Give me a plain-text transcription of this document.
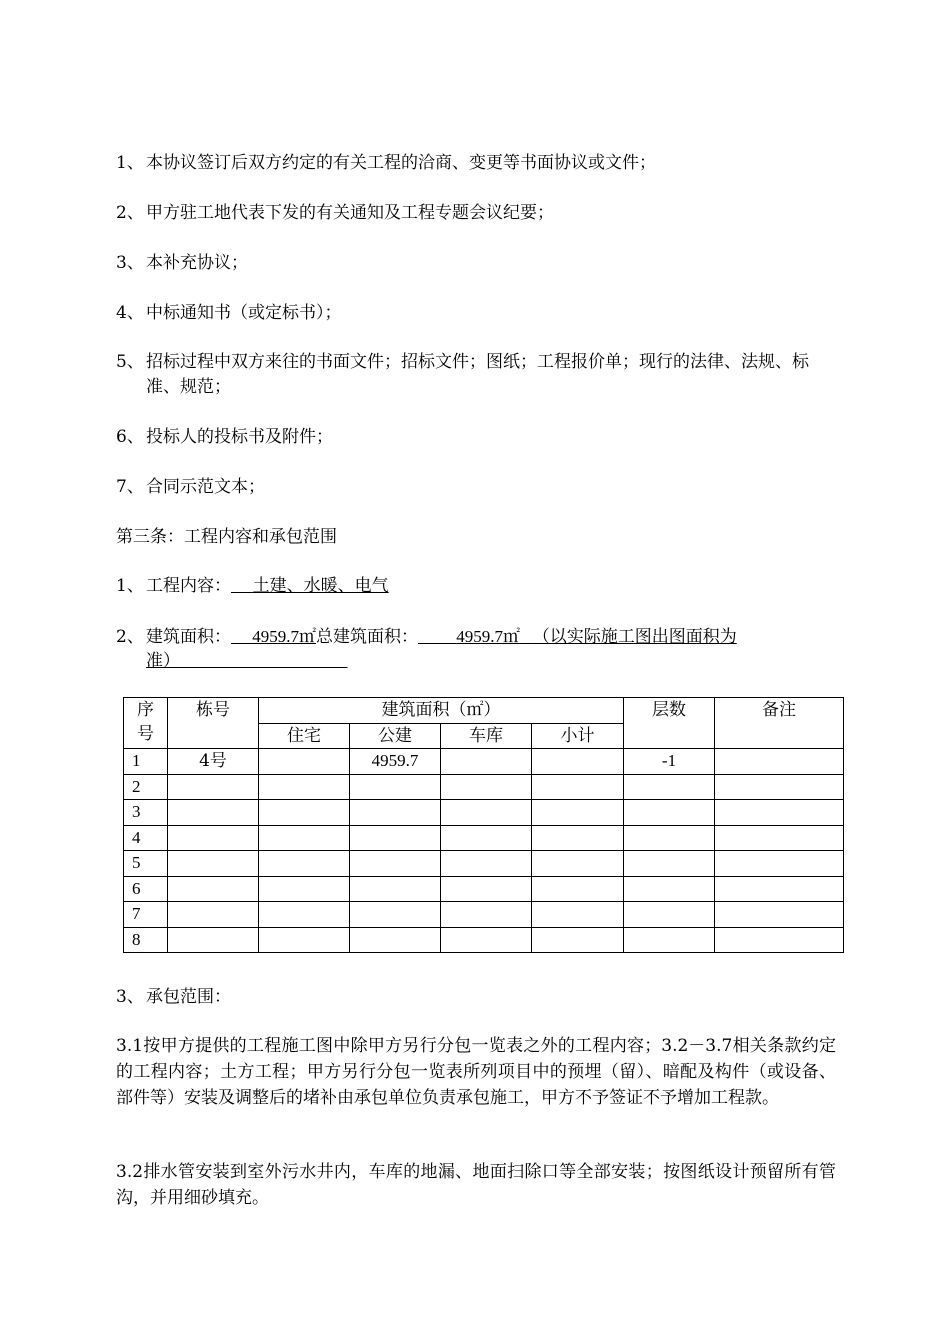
1、 本协议签订后双方约定的有关工程的洽商、变更等书面协议或文件；
2、 甲方驻工地代表下发的有关通知及工程专题会议纪要；
3、 本补充协议；
4、 中标通知书（或定标书）；
5、 招标过程中双方来往的书面文件；招标文件；图纸；工程报价单；现行的法律、法规、标准、规范；
6、 投标人的投标书及附件；
7、 合同示范文本；
第三条：工程内容和承包范围
1、 工程内容： 土建、水暖、电气
2、 建筑面积： 4959.7㎡总建筑面积： 4959.7㎡ （以实际施工图出图面积为
准）
序号	栋号	建筑面积（㎡）				层数	备注
		住宅	公建	车库	小计		
1	4号		4959.7			-1	
2							
3							
4							
5							
6							
7							
8							
3、 承包范围：
3.1按甲方提供的工程施工图中除甲方另行分包一览表之外的工程内容；3.2－3.7相关条款约定的工程内容；土方工程；甲方另行分包一览表所列项目中的预埋（留）、暗配及构件（或设备、部件等）安装及调整后的堵补由承包单位负责承包施工，甲方不予签证不予增加工程款。
3.2排水管安装到室外污水井内，车库的地漏、地面扫除口等全部安装；按图纸设计预留所有管沟，并用细砂填充。
